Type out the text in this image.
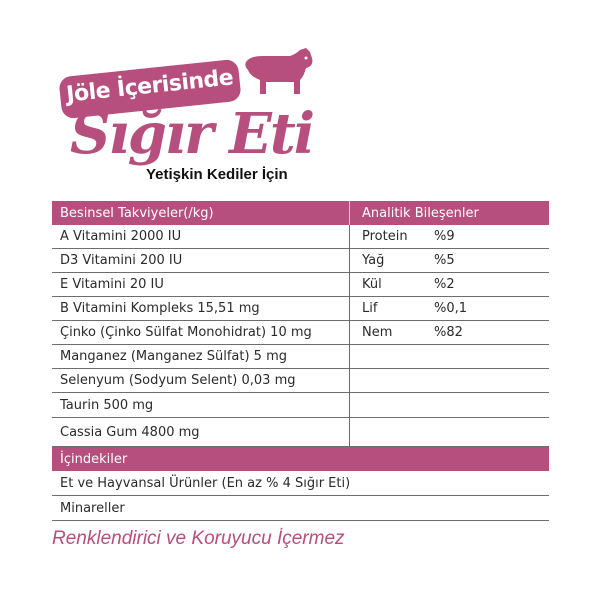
Jöle İçerisinde
Sığır Eti
Yetişkin Kediler İçin
Besinsel Takviyeler(/kg)	Analitik Bileşenler
A Vitamini 2000 IU	Protein	%9
D3 Vitamini 200 IU	Yağ	%5
E Vitamini 20 IU	Kül	%2
B Vitamini Kompleks 15,51 mg	Lif	%0,1
Çinko (Çinko Sülfat Monohidrat) 10 mg	Nem	%82
Manganez (Manganez Sülfat) 5 mg
Selenyum (Sodyum Selent) 0,03 mg
Taurin 500 mg
Cassia Gum 4800 mg
İçindekiler
Et ve Hayvansal Ürünler (En az % 4 Sığır Eti)
Minareller
Renklendirici ve Koruyucu İçermez
